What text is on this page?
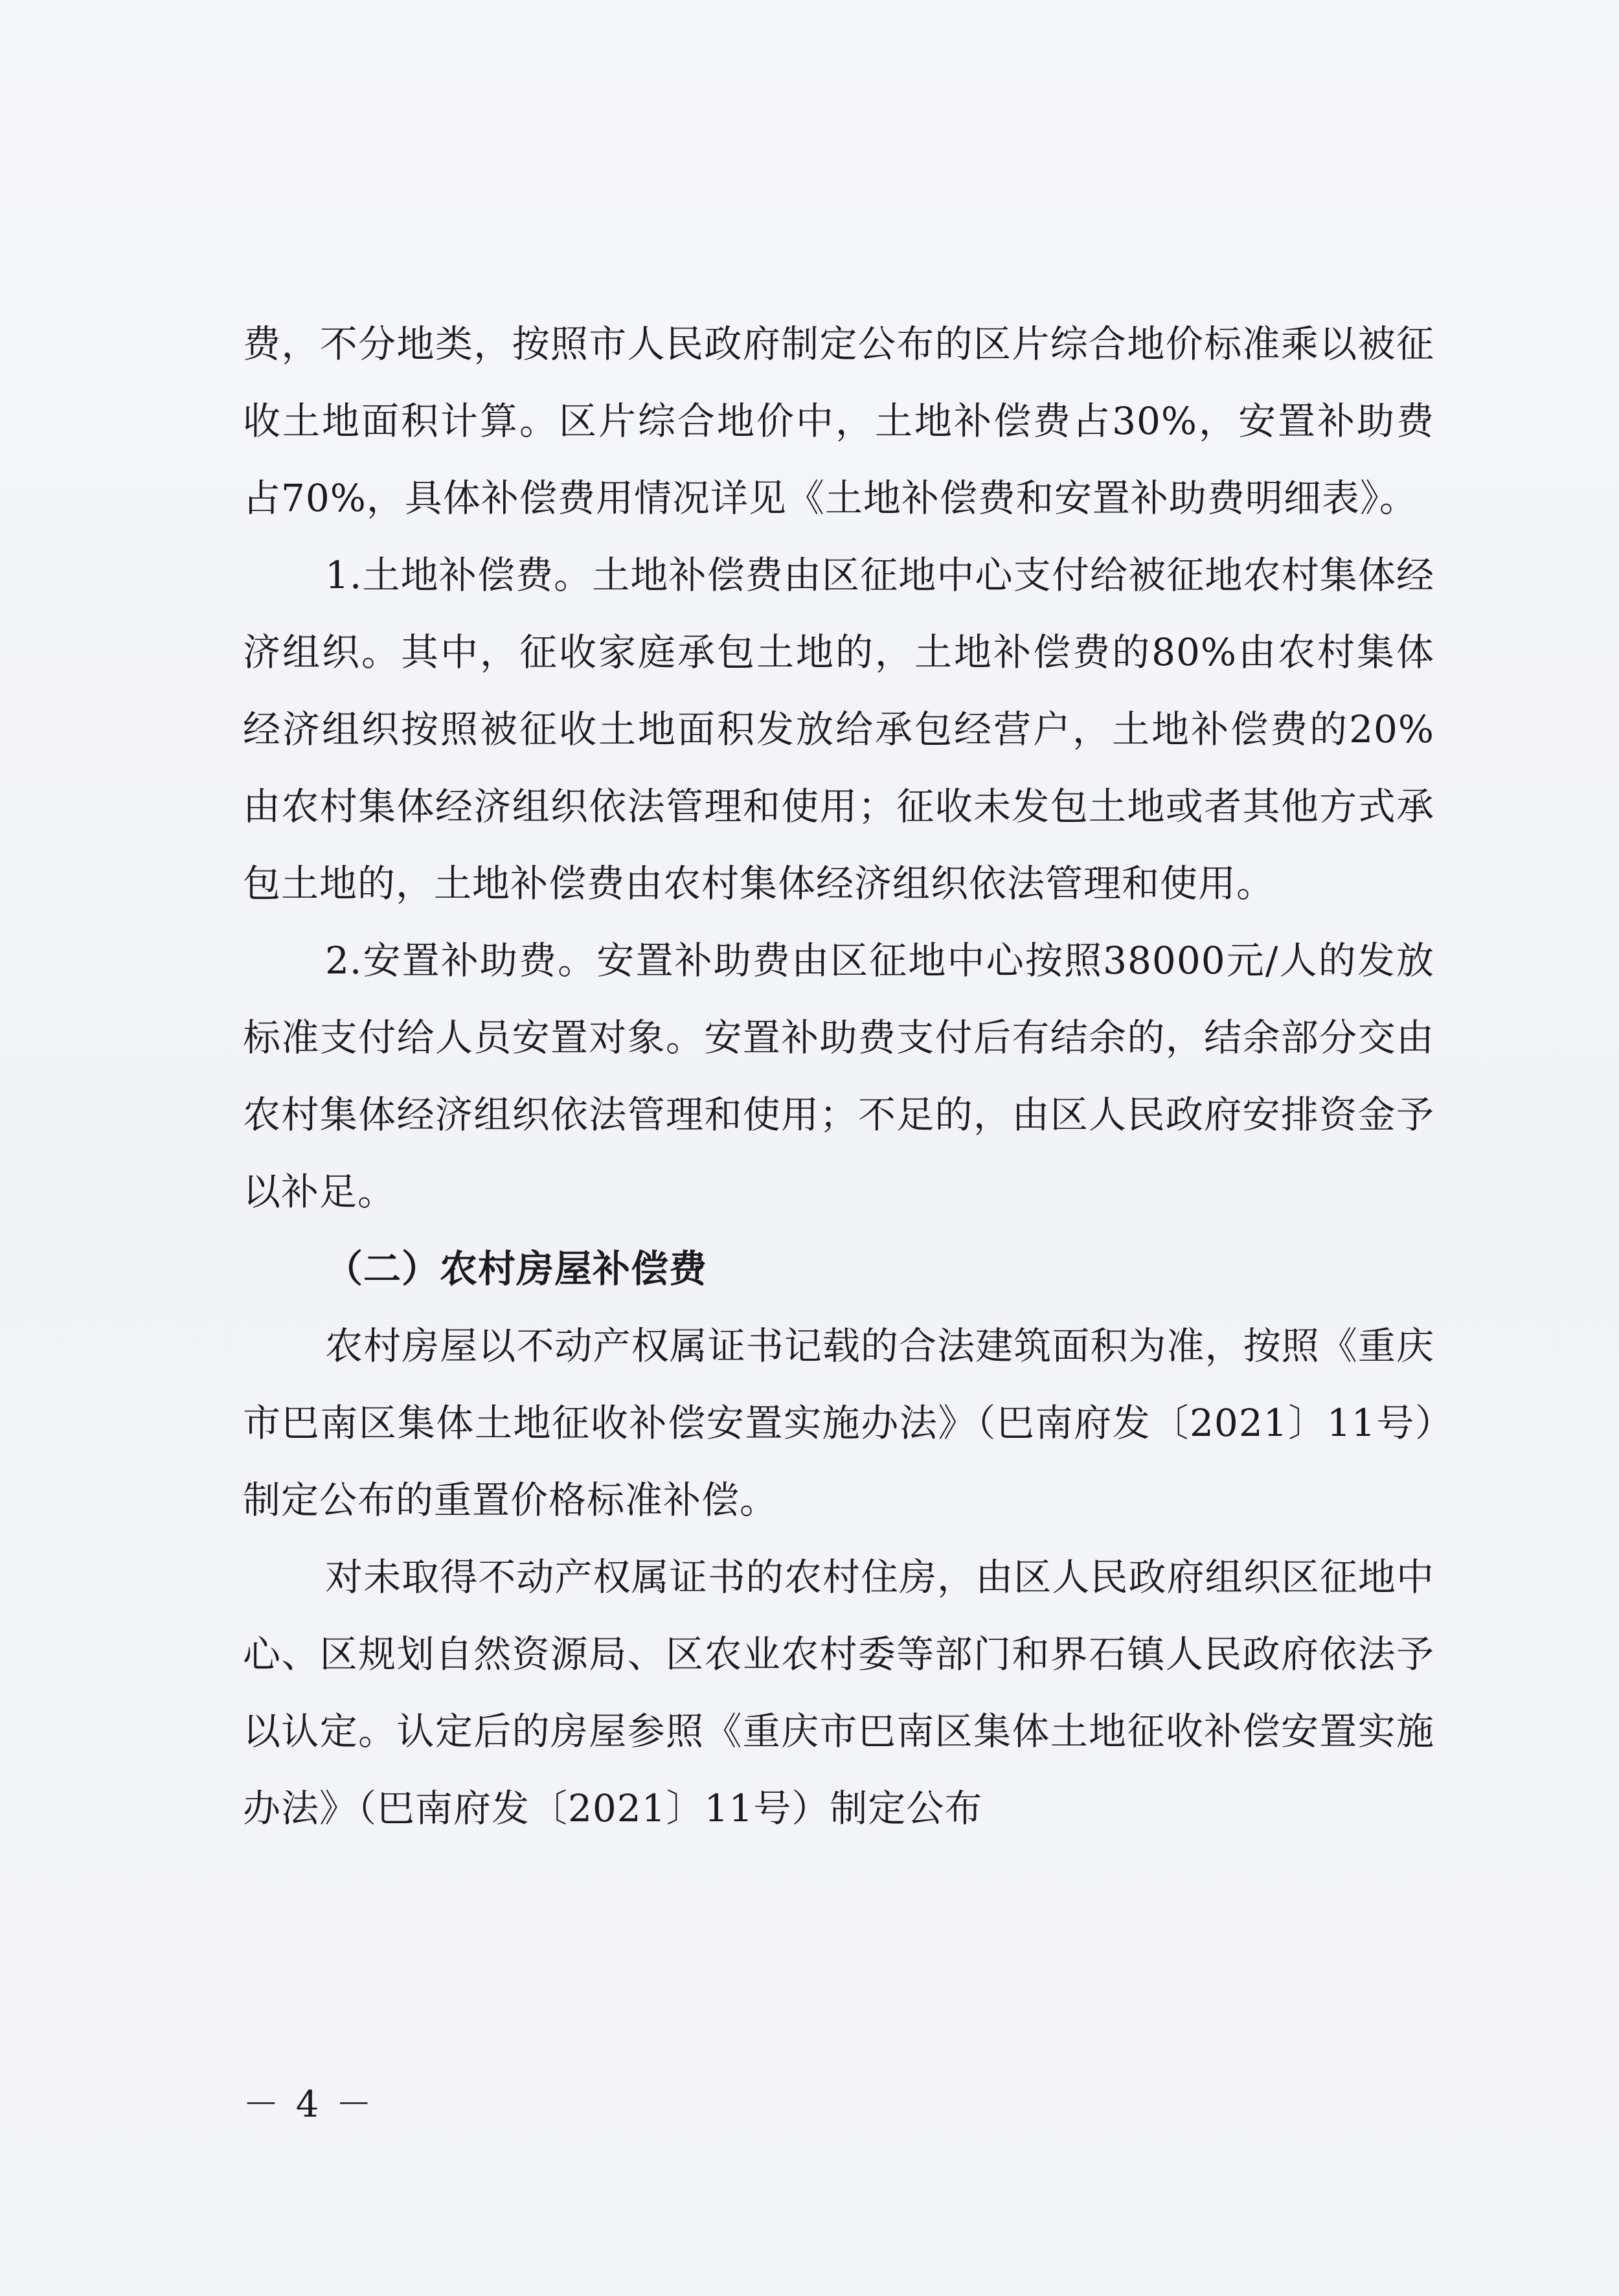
费，不分地类，按照市人民政府制定公布的区片综合地价标准乘以被征收土地面积计算。区片综合地价中，土地补偿费占30%，安置补助费占70%，具体补偿费用情况详见《土地补偿费和安置补助费明细表》。

1.土地补偿费。土地补偿费由区征地中心支付给被征地农村集体经济组织。其中，征收家庭承包土地的，土地补偿费的80%由农村集体经济组织按照被征收土地面积发放给承包经营户，土地补偿费的20%由农村集体经济组织依法管理和使用；征收未发包土地或者其他方式承包土地的，土地补偿费由农村集体经济组织依法管理和使用。

2.安置补助费。安置补助费由区征地中心按照38000元/人的发放标准支付给人员安置对象。安置补助费支付后有结余的，结余部分交由农村集体经济组织依法管理和使用；不足的，由区人民政府安排资金予以补足。

（二）农村房屋补偿费

农村房屋以不动产权属证书记载的合法建筑面积为准，按照《重庆市巴南区集体土地征收补偿安置实施办法》（巴南府发〔2021〕11号）制定公布的重置价格标准补偿。

对未取得不动产权属证书的农村住房，由区人民政府组织区征地中心、区规划自然资源局、区农业农村委等部门和界石镇人民政府依法予以认定。认定后的房屋参照《重庆市巴南区集体土地征收补偿安置实施办法》（巴南府发〔2021〕11号）制定公布

－ 4 －
